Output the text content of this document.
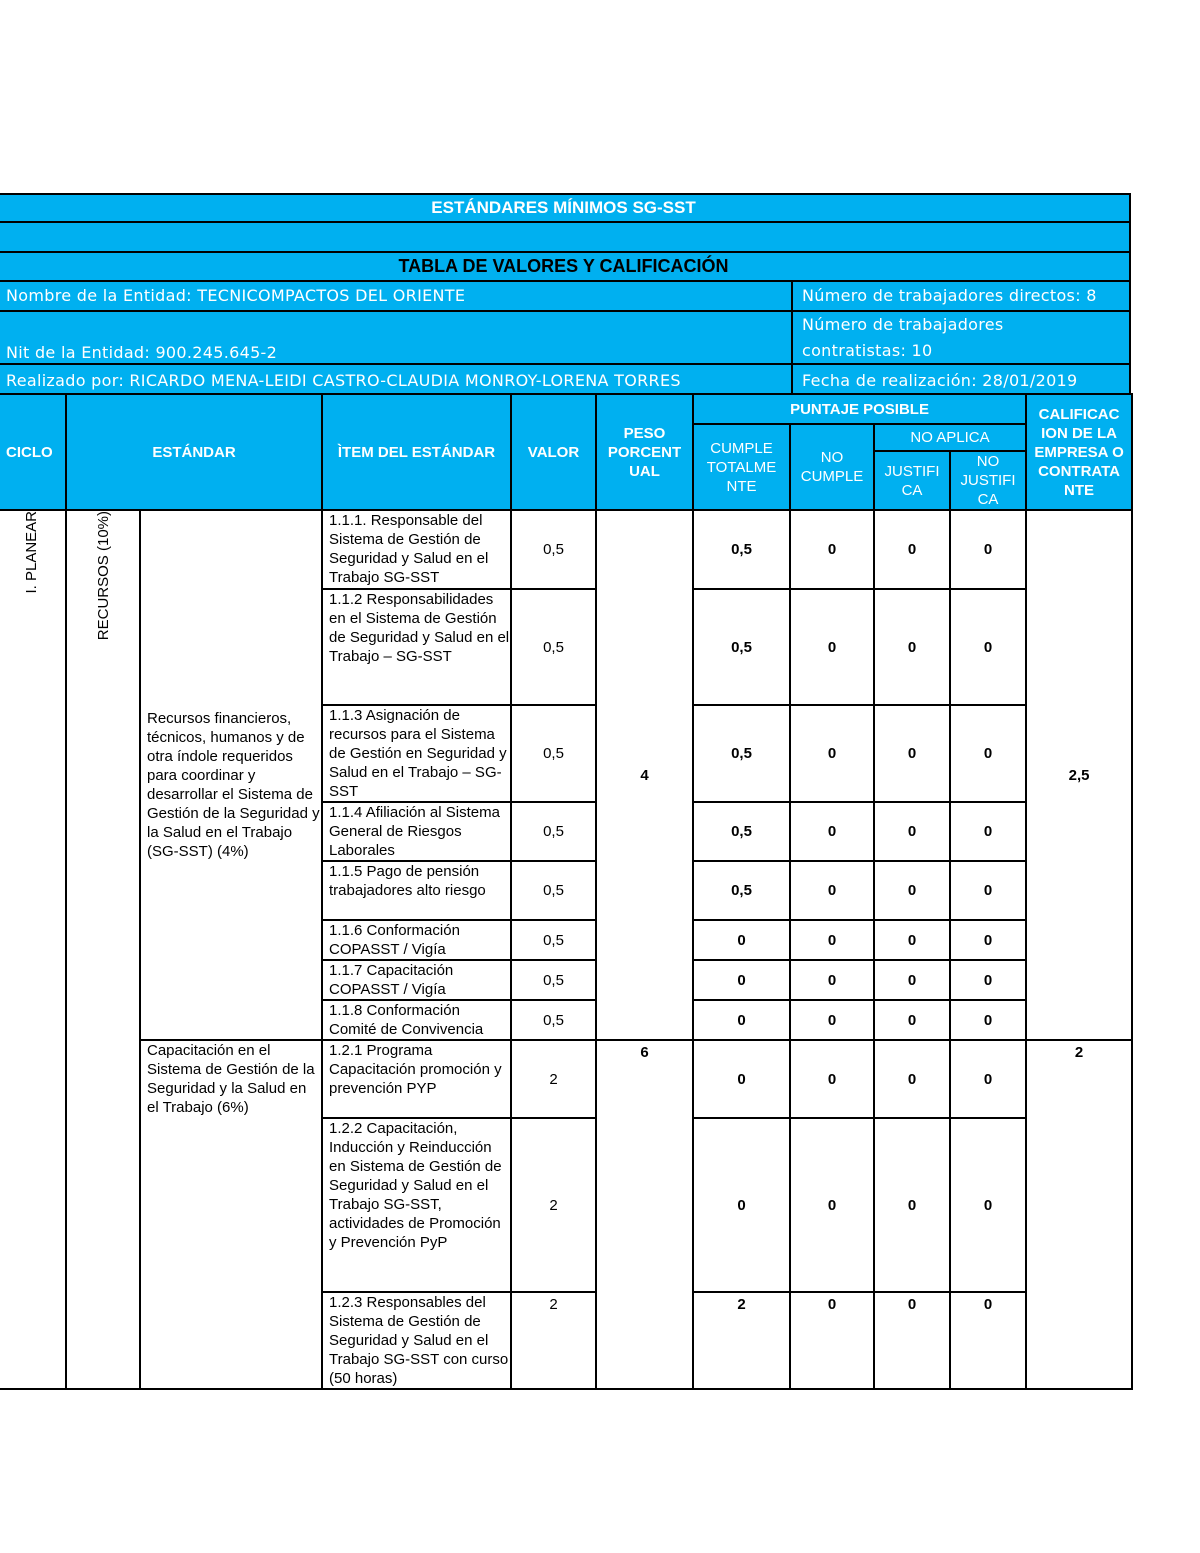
ESTÁNDARES MÍNIMOS SG-SST
TABLA DE VALORES Y CALIFICACIÓN
Nombre de la Entidad: TECNICOMPACTOS DEL ORIENTE	Número de trabajadores directos: 8
Nit de la Entidad: 900.245.645-2
Número de trabajadores
contratistas: 10
Realizado por: RICARDO MENA-LEIDI CASTRO-CLAUDIA MONROY-LORENA TORRES	Fecha de realización: 28/01/2019
CICLO	ESTÁNDAR		ÌTEM DEL ESTÁNDAR	VALOR	PESO PORCENT UAL	PUNTAJE POSIBLE				CALIFICAC ION DE LA EMPRESA O CONTRATA NTE
						CUMPLE TOTALME NTE	NO CUMPLE	NO APLICA		
								JUSTIFI CA	NO JUSTIFI CA	

I. PLANEAR	RECURSOS (10%)	Recursos financieros, técnicos, humanos y de otra índole requeridos para coordinar y desarrollar el Sistema de Gestión de la Seguridad y la Salud en el Trabajo (SG-SST) (4%)	1.1.1. Responsable del Sistema de Gestión de Seguridad y Salud en el Trabajo SG-SST	0,5	4	0,5	0	0	0	2,5
			1.1.2 Responsabilidades en el Sistema de Gestión de Seguridad y Salud en el Trabajo – SG-SST	0,5		0,5	0	0	0	
			1.1.3 Asignación de recursos para el Sistema de Gestión en Seguridad y Salud en el Trabajo – SG-SST	0,5		0,5	0	0	0	
			1.1.4 Afiliación al Sistema General de Riesgos Laborales	0,5		0,5	0	0	0	
			1.1.5 Pago de pensión trabajadores alto riesgo	0,5		0,5	0	0	0	
			1.1.6 Conformación COPASST / Vigía	0,5		0	0	0	0	
			1.1.7 Capacitación COPASST / Vigía	0,5		0	0	0	0	
			1.1.8 Conformación Comité de Convivencia	0,5		0	0	0	0	

		Capacitación en el Sistema de Gestión de la Seguridad y la Salud en el Trabajo (6%)	1.2.1 Programa Capacitación promoción y prevención PYP	2	6	0	0	0	0	2
			1.2.2 Capacitación, Inducción y Reinducción en Sistema de Gestión de Seguridad y Salud en el Trabajo SG-SST, actividades de Promoción y Prevención PyP	2		0	0	0	0	
			1.2.3 Responsables del Sistema de Gestión de Seguridad y Salud en el Trabajo SG-SST con curso (50 horas)	2		2	0	0	0	
